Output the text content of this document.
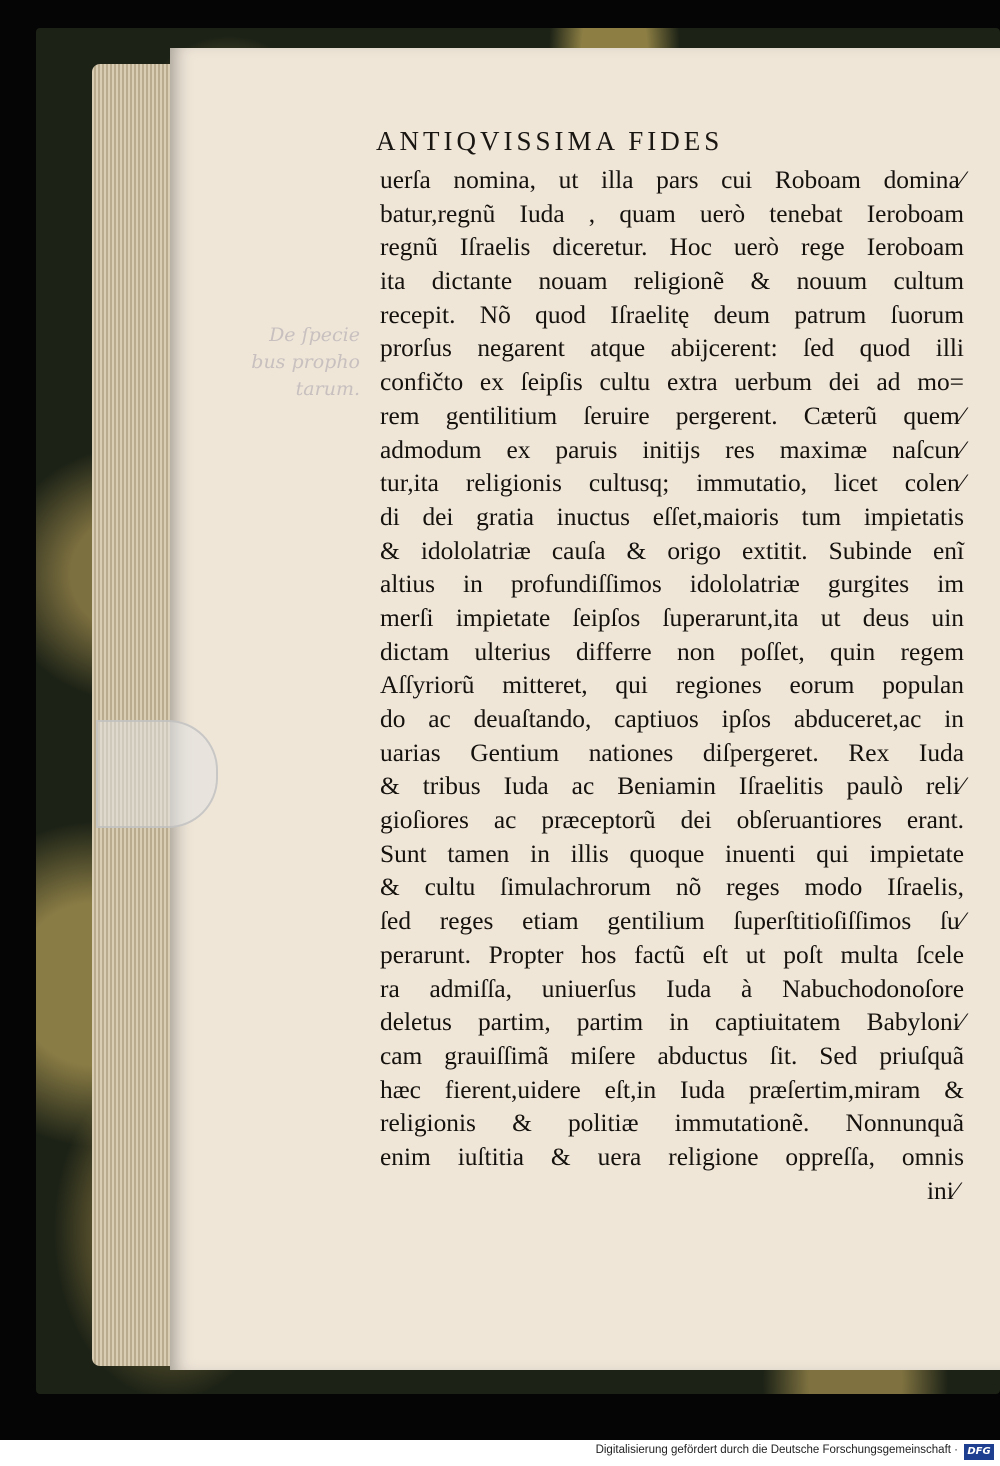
De ſpecie
bus propho
tarum.
ANTIQVISSIMA FIDES
uerſa nomina, ut illa pars cui Roboam domina⁄
batur,regnũ Iuda , quam uerò tenebat Ieroboam
regnũ Iſraelis diceretur. Hoc uerò rege Ieroboam
ita dictante nouam religionẽ & nouum cultum
recepit. Nõ quod Iſraelitę deum patrum ſuorum
prorſus negarent atque abijcerent: ſed quod illi
confičto ex ſeipſis cultu extra uerbum dei ad mo=
rem gentilitium ſeruire pergerent. Cæterũ quem⁄
admodum ex paruis initijs res maximæ naſcun⁄
tur,ita religionis cultusq; immutatio, licet colen⁄
di dei gratia inuctus eſſet,maioris tum impietatis
& idololatriæ cauſa & origo extitit. Subinde enĩ
altius in profundiſſimos idololatriæ gurgites im
merſi impietate ſeipſos ſuperarunt,ita ut deus uin
dictam ulterius differre non poſſet, quin regem
Aſſyriorũ mitteret, qui regiones eorum populan
do ac deuaſtando, captiuos ipſos abduceret,ac in
uarias Gentium nationes diſpergeret. Rex Iuda
& tribus Iuda ac Beniamin Iſraelitis paulò reli⁄
gioſiores ac præceptorũ dei obſeruantiores erant.
Sunt tamen in illis quoque inuenti qui impietate
& cultu ſimulachrorum nõ reges modo Iſraelis,
ſed reges etiam gentilium ſuperſtitioſiſſimos ſu⁄
perarunt. Propter hos factũ eſt ut poſt multa ſcele
ra admiſſa, uniuerſus Iuda à Nabuchodonoſore
deletus partim, partim in captiuitatem Babyloni⁄
cam grauiſſimã miſere abductus ſit. Sed priuſquã
hæc fierent,uidere eſt,in Iuda præſertim,miram &
religionis & politiæ immutationẽ. Nonnunquã
enim iuſtitia & uera religione oppreſſa, omnis
ini⁄
Digitalisierung gefördert durch die Deutsche Forschungsgemeinschaft · DFG
